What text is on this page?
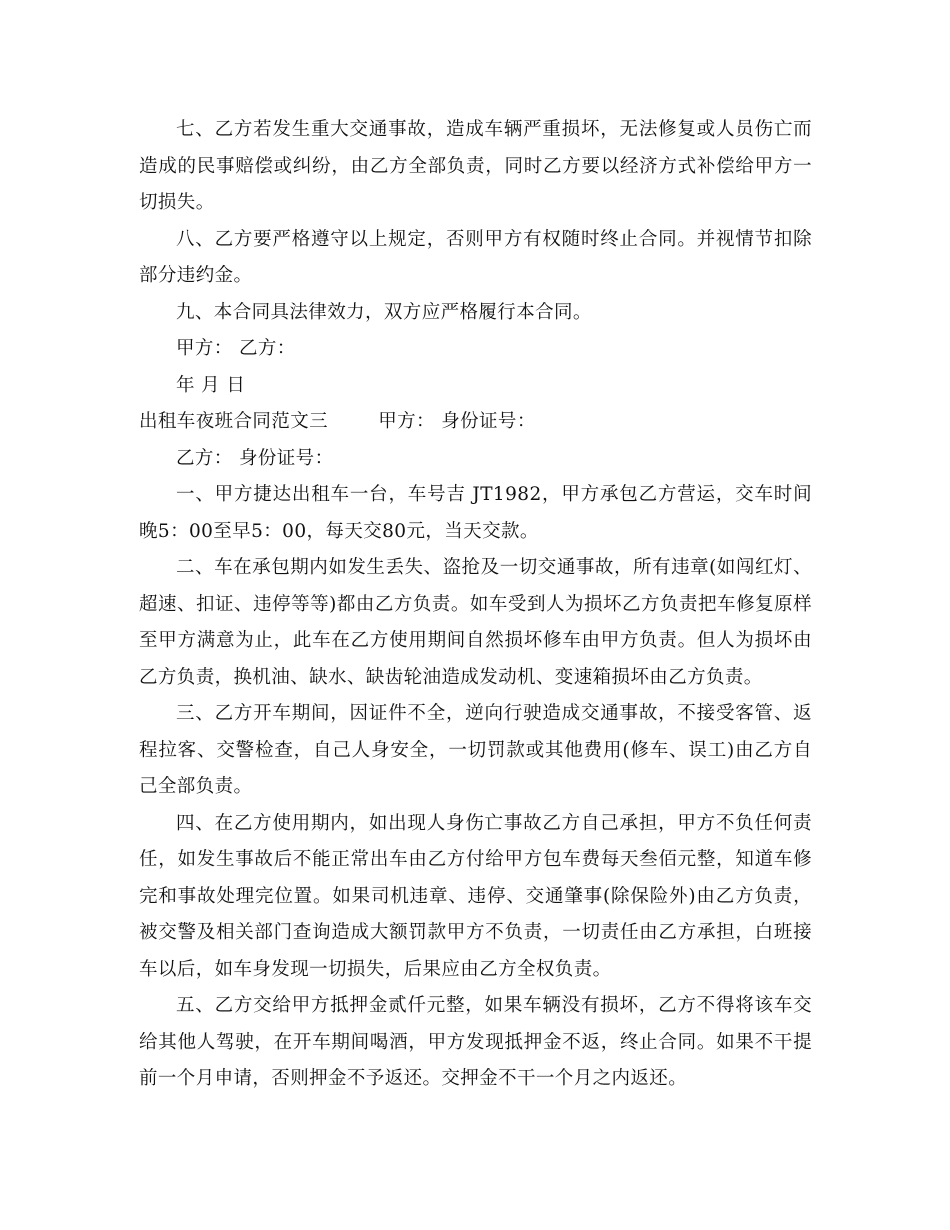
七、乙方若发生重大交通事故，造成车辆严重损坏，无法修复或人员伤亡而造成的民事赔偿或纠纷，由乙方全部负责，同时乙方要以经济方式补偿给甲方一切损失。

八、乙方要严格遵守以上规定，否则甲方有权随时终止合同。并视情节扣除部分违约金。

九、本合同具法律效力，双方应严格履行本合同。

甲方： 乙方：

年 月 日

出租车夜班合同范文三        甲方： 身份证号：

乙方： 身份证号：

一、甲方捷达出租车一台，车号吉 JT1982，甲方承包乙方营运，交车时间晚5：00至早5：00，每天交80元，当天交款。

二、车在承包期内如发生丢失、盗抢及一切交通事故，所有违章(如闯红灯、超速、扣证、违停等等)都由乙方负责。如车受到人为损坏乙方负责把车修复原样至甲方满意为止，此车在乙方使用期间自然损坏修车由甲方负责。但人为损坏由乙方负责，换机油、缺水、缺齿轮油造成发动机、变速箱损坏由乙方负责。

三、乙方开车期间，因证件不全，逆向行驶造成交通事故，不接受客管、返程拉客、交警检查，自己人身安全，一切罚款或其他费用(修车、误工)由乙方自己全部负责。

四、在乙方使用期内，如出现人身伤亡事故乙方自己承担，甲方不负任何责任，如发生事故后不能正常出车由乙方付给甲方包车费每天叁佰元整，知道车修完和事故处理完位置。如果司机违章、违停、交通肇事(除保险外)由乙方负责，被交警及相关部门查询造成大额罚款甲方不负责，一切责任由乙方承担，白班接车以后，如车身发现一切损失，后果应由乙方全权负责。

五、乙方交给甲方抵押金贰仟元整，如果车辆没有损坏，乙方不得将该车交给其他人驾驶，在开车期间喝酒，甲方发现抵押金不返，终止合同。如果不干提前一个月申请，否则押金不予返还。交押金不干一个月之内返还。
